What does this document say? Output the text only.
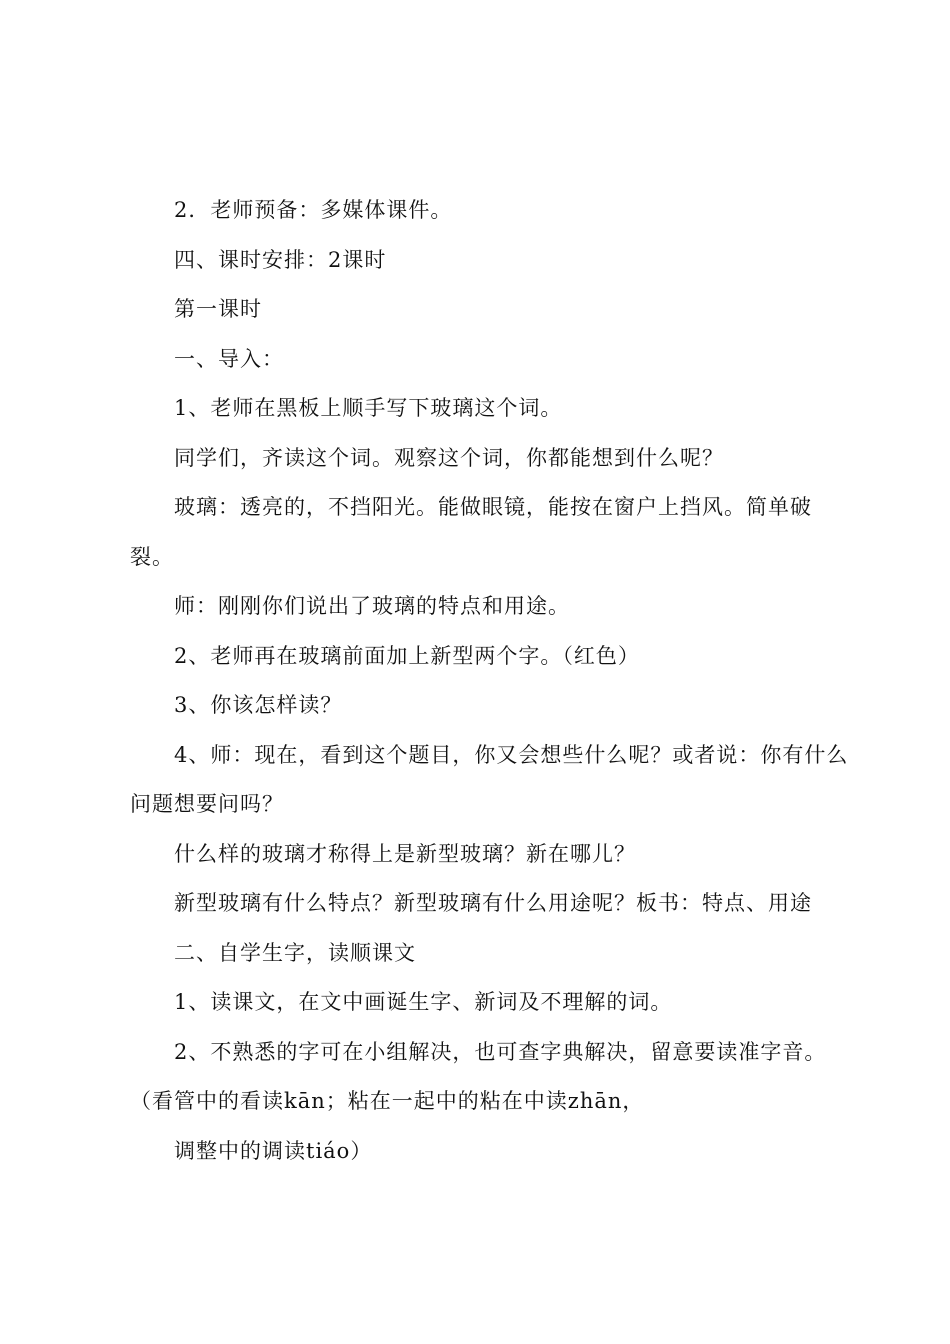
2．老师预备：多媒体课件。

四、课时安排：2课时

第一课时

一、导入：

1、老师在黑板上顺手写下玻璃这个词。

同学们，齐读这个词。观察这个词，你都能想到什么呢？

玻璃：透亮的，不挡阳光。能做眼镜，能按在窗户上挡风。简单破裂。

师：刚刚你们说出了玻璃的特点和用途。

2、老师再在玻璃前面加上新型两个字。（红色）

3、你该怎样读？

4、师：现在，看到这个题目，你又会想些什么呢？或者说：你有什么问题想要问吗？

什么样的玻璃才称得上是新型玻璃？新在哪儿？

新型玻璃有什么特点？新型玻璃有什么用途呢？板书：特点、用途

二、自学生字，读顺课文

1、读课文，在文中画诞生字、新词及不理解的词。

2、不熟悉的字可在小组解决，也可查字典解决，留意要读准字音。（看管中的看读kān；粘在一起中的粘在中读zhān，

调整中的调读tiáo）
